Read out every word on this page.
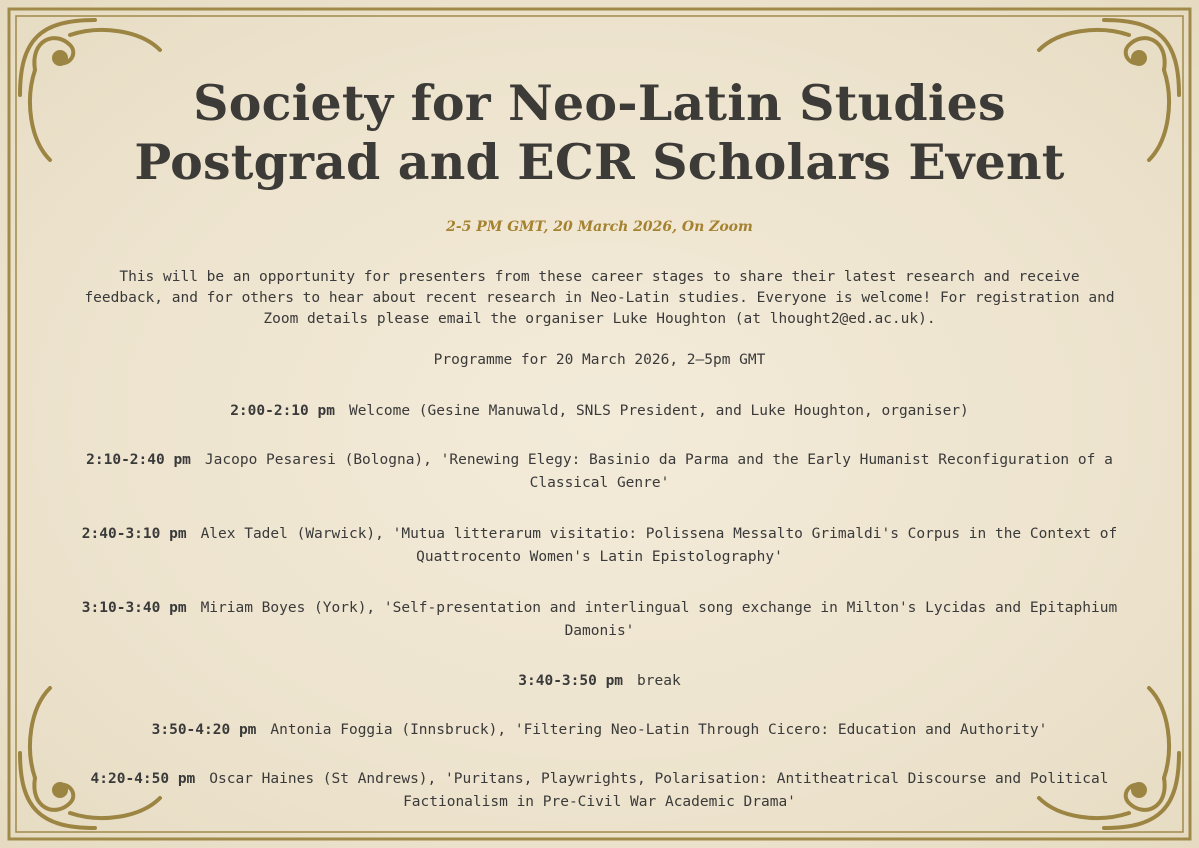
Society for Neo-Latin Studies
Postgrad and ECR Scholars Event
2-5 PM GMT, 20 March 2026, On Zoom
This will be an opportunity for presenters from these career stages to share their latest research and receive feedback, and for others to hear about recent research in Neo-Latin studies. Everyone is welcome! For registration and Zoom details please email the organiser Luke Houghton (at lhought2@ed.ac.uk).
Programme for 20 March 2026, 2–5pm GMT
2:00-2:10 pm Welcome (Gesine Manuwald, SNLS President, and Luke Houghton, organiser)
2:10-2:40 pm Jacopo Pesaresi (Bologna), 'Renewing Elegy: Basinio da Parma and the Early Humanist Reconfiguration of a Classical Genre'
2:40-3:10 pm Alex Tadel (Warwick), 'Mutua litterarum visitatio: Polissena Messalto Grimaldi's Corpus in the Context of Quattrocento Women's Latin Epistolography'
3:10-3:40 pm Miriam Boyes (York), 'Self-presentation and interlingual song exchange in Milton's Lycidas and Epitaphium Damonis'
3:40-3:50 pm break
3:50-4:20 pm Antonia Foggia (Innsbruck), 'Filtering Neo-Latin Through Cicero: Education and Authority'
4:20-4:50 pm Oscar Haines (St Andrews), 'Puritans, Playwrights, Polarisation: Antitheatrical Discourse and Political Factionalism in Pre-Civil War Academic Drama'
